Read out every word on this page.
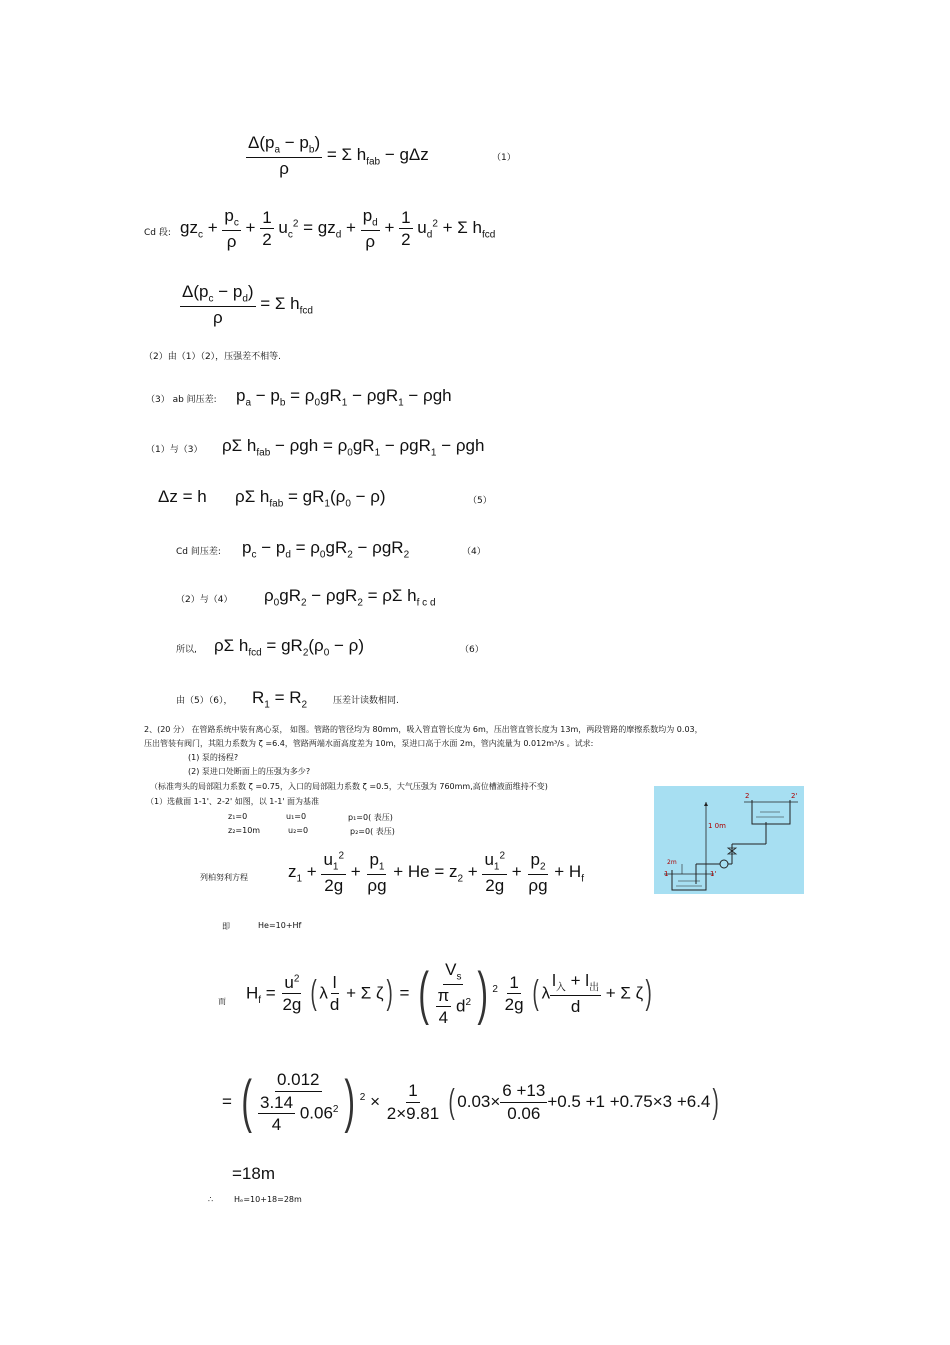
$\frac{\Delta(p_a - p_b)}{\rho} = \Sigma$ $h_{fab} - g\Delta z$	（1）
Cd 段: $gz_c + \frac{p_c}{\rho} + \frac{1}{2} u_c^2 = gz_d + \frac{p_d}{\rho} + \frac{1}{2} u_d^2 + \Sigma$ $h_{fcd}$
$\frac{\Delta(p_c - p_d)}{\rho} = \Sigma$ $h_{fcd}$
（2）由（1）（2），压强差不相等.
（3） ab 间压差: $p_a - p_b = \rho_0gR_1 - \rho gR_1 - \rho gh$
（1）与（3） ρΣ $h_{fab} - \rho gh = \rho_0gR_1 - \rho gR_1 - \rho gh$
Δz = h      ρΣ $h_{fab} = gR_1(\rho_0 - \rho)$	（5）
Cd 间压差: $p_c - p_d = \rho_0gR_2 - \rho gR_2$	（4）
（2）与（4） $\rho_0gR_2 - \rho gR_2 = \rho\Sigma$ $h_{f c d}$
所以, ρΣ $h_{fcd} = gR_2(\rho_0 - \rho)$	（6）
由（5）（6）， $R_1 = R_2$	压差计读数相同.
2、(20 分） 在管路系统中装有离心泵， 如图。管路的管径均为 80mm，吸入管直管长度为 6m，压出管直管长度为 13m，两段管路的摩擦系数均为 0.03，
压出管装有阀门，其阻力系数为 ζ =6.4，管路两端水面高度差为 10m，泵进口高于水面 2m，管内流量为 0.012m³/s 。试求:
(1) 泵的扬程?
(2) 泵进口处断面上的压强为多少?
（标准弯头的局部阻力系数 ζ =0.75，入口的局部阻力系数 ζ =0.5，大气压强为 760mm,高位槽液面维持不变)
（1）选截面 1-1'、2-2' 如图，以 1-1' 面为基准
z₁=0	u₁=0	p₁=0( 表压)
z₂=10m	u₂=0	p₂=0( 表压)
2	2'
1 0m
2m
1	1'
列柏努利方程 $z_1 + \frac{u_1^2}{2g} + \frac{p_1}{\rho g} + He = z_2 + \frac{u_1^2}{2g} + \frac{p_2}{\rho g} + H_f$
即	He=10+Hf
而 $H_f = \frac{u^2}{2g}$ ( λ $\frac{l}{d} + \Sigma$ ζ) = ( $\frac{V_s}{\frac{\pi}{4} d^2}$ ) $^2 \frac{1}{2g}$ ( λ $\frac{l_入 + l_出}{d} + \Sigma$ ζ)
= ( $\frac{0.012}{\frac{3.14}{4} 0.06^2}$ ) $^2 \times \frac{1}{2\times 9.81}$ ( $0.03\times \frac{6 +13}{0.06} +0.5 +1 +0.75\times 3 +6.4$)
=18m
∴	Hₑ=10+18=28m
